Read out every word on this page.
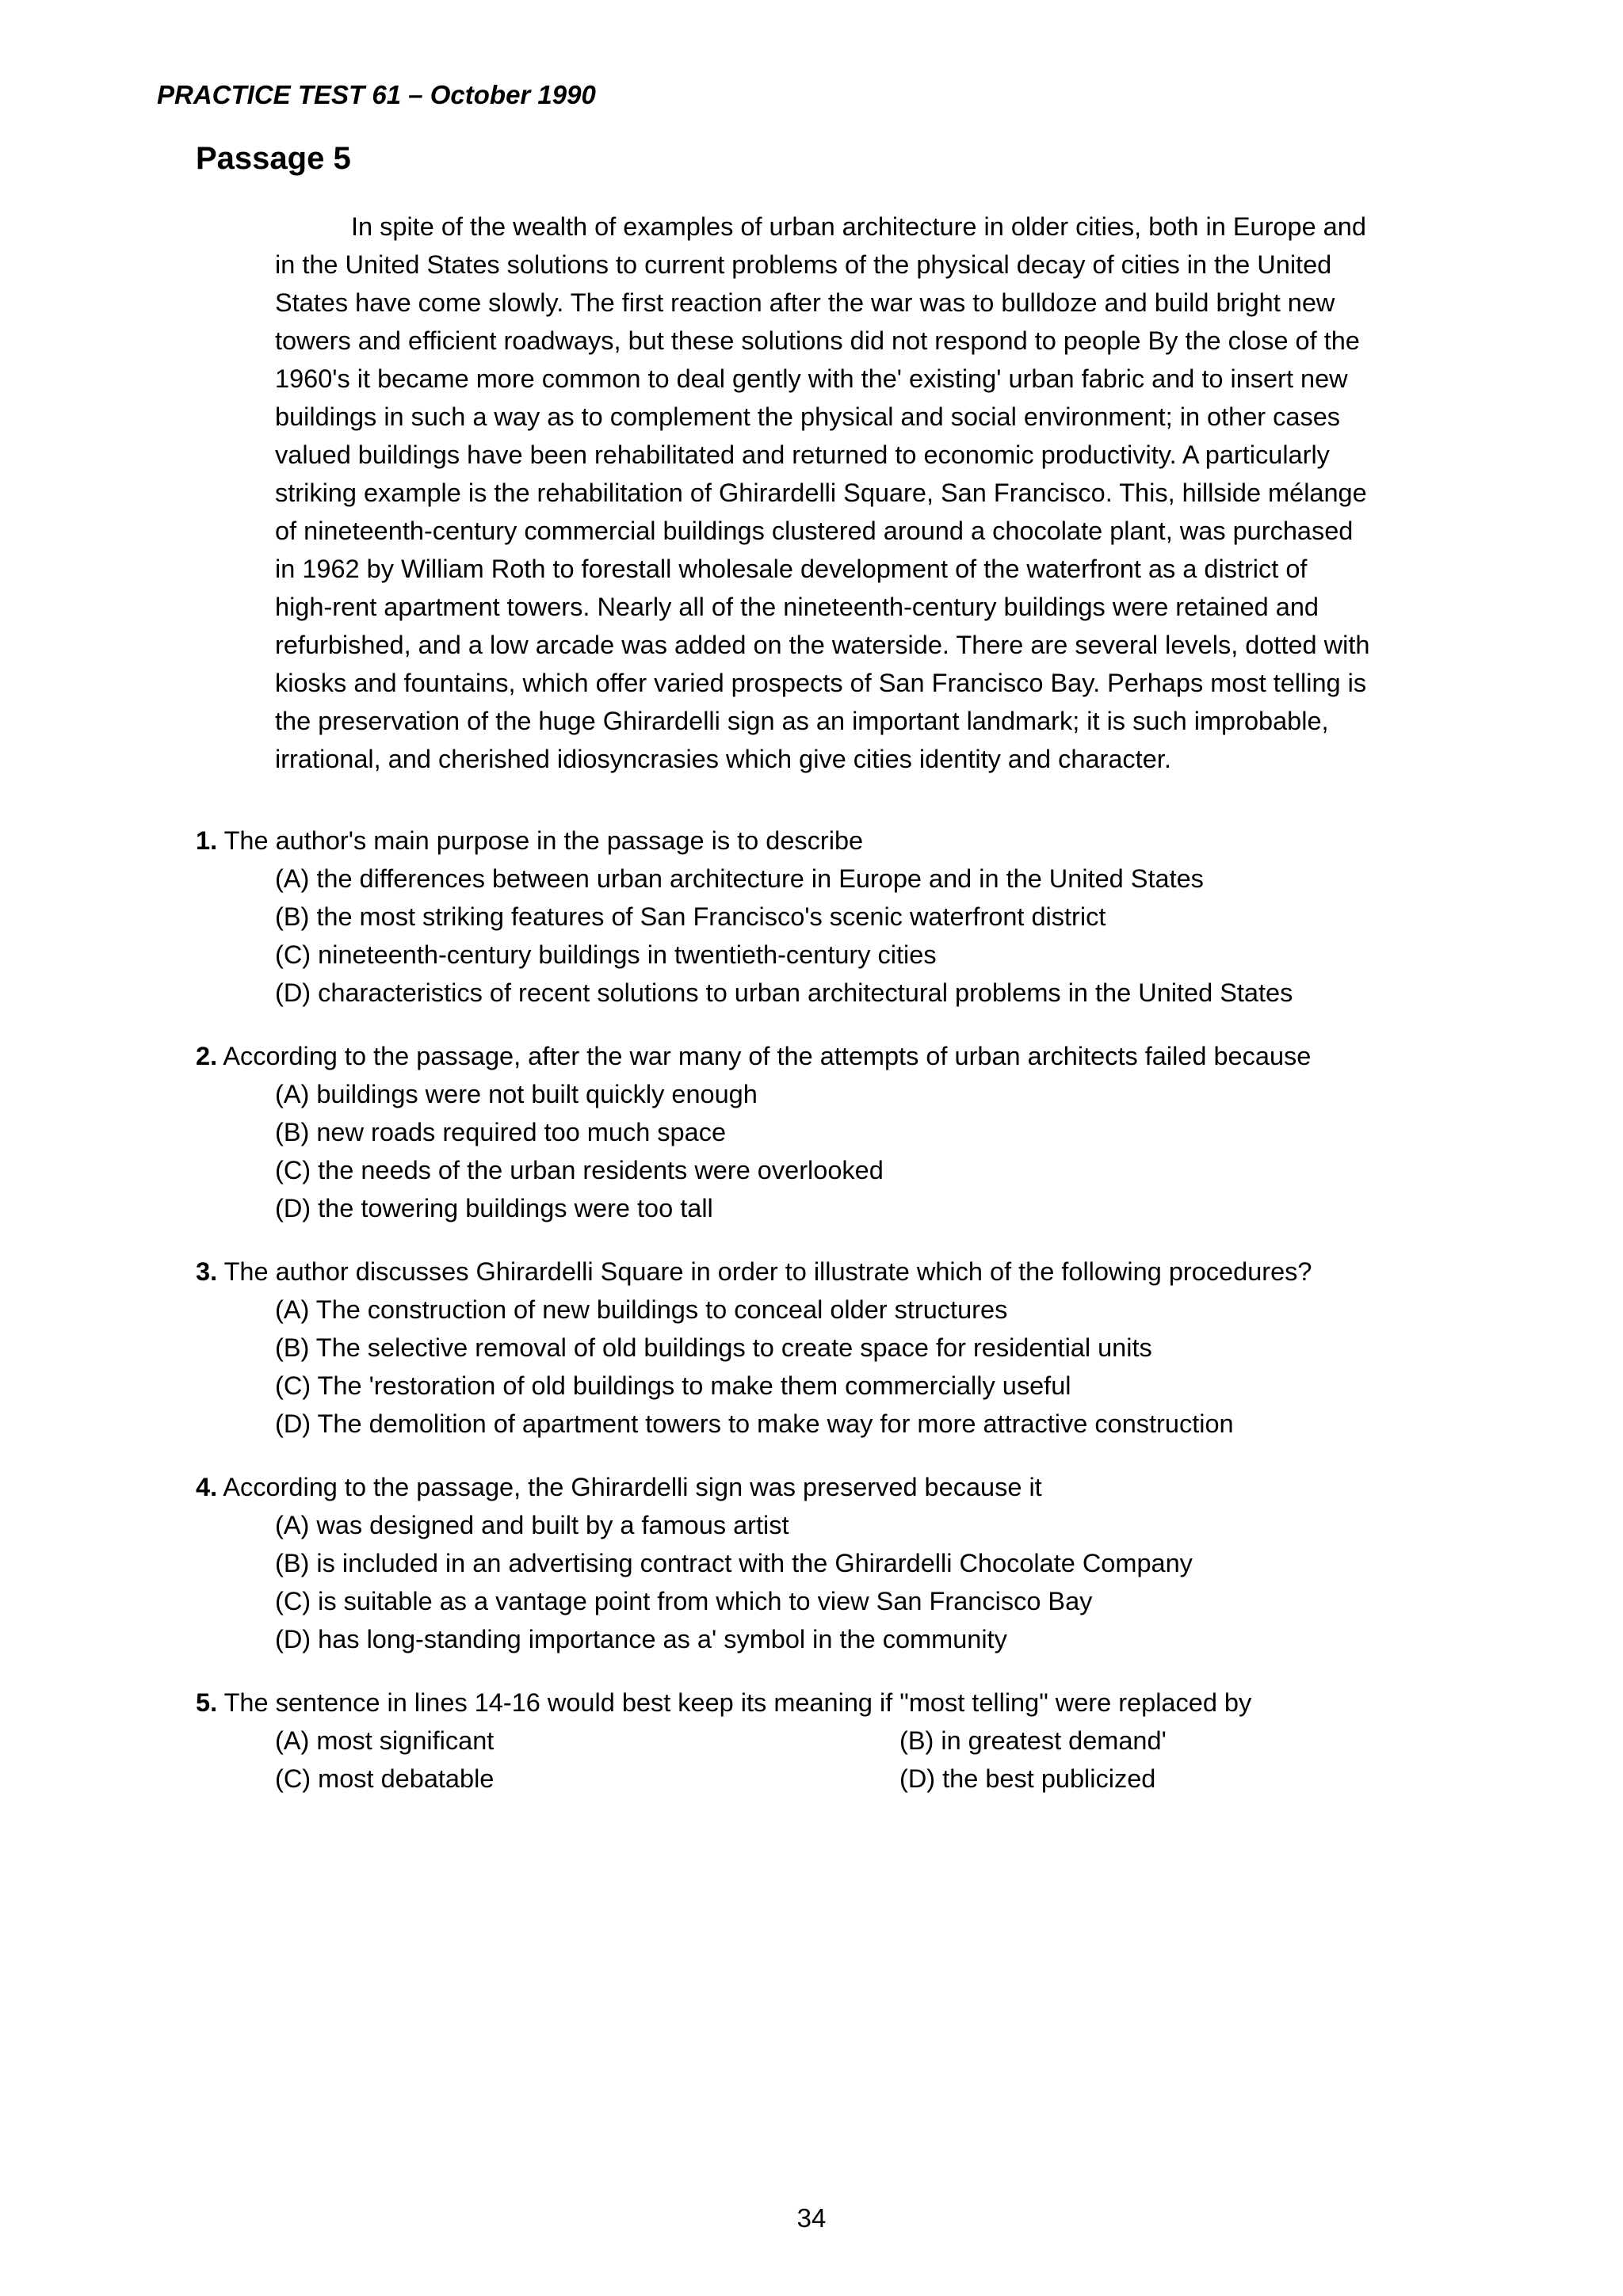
PRACTICE TEST 61 – October 1990
Passage 5
In spite of the wealth of examples of urban architecture in older cities, both in Europe and
in the United States solutions to current problems of the physical decay of cities in the United
States have come slowly. The first reaction after the war was to bulldoze and build bright new
towers and efficient roadways, but these solutions did not respond to people By the close of the
1960's it became more common to deal gently with the' existing' urban fabric and to insert new
buildings in such a way as to complement the physical and social environment; in other cases
valued buildings have been rehabilitated and returned to economic productivity. A particularly
striking example is the rehabilitation of Ghirardelli Square, San Francisco. This, hillside mélange
of nineteenth-century commercial buildings clustered around a chocolate plant, was purchased
in 1962 by William Roth to forestall wholesale development of the waterfront as a district of
high-rent apartment towers. Nearly all of the nineteenth-century buildings were retained and
refurbished, and a low arcade was added on the waterside. There are several levels, dotted with
kiosks and fountains, which offer varied prospects of San Francisco Bay. Perhaps most telling is
the preservation of the huge Ghirardelli sign as an important landmark; it is such improbable,
irrational, and cherished idiosyncrasies which give cities identity and character.
1. The author's main purpose in the passage is to describe
(A) the differences between urban architecture in Europe and in the United States
(B) the most striking features of San Francisco's scenic waterfront district
(C) nineteenth-century buildings in twentieth-century cities
(D) characteristics of recent solutions to urban architectural problems in the United States
2. According to the passage, after the war many of the attempts of urban architects failed because
(A) buildings were not built quickly enough
(B) new roads required too much space
(C) the needs of the urban residents were overlooked
(D) the towering buildings were too tall
3. The author discusses Ghirardelli Square in order to illustrate which of the following procedures?
(A) The construction of new buildings to conceal older structures
(B) The selective removal of old buildings to create space for residential units
(C) The 'restoration of old buildings to make them commercially useful
(D) The demolition of apartment towers to make way for more attractive construction
4. According to the passage, the Ghirardelli sign was preserved because it
(A) was designed and built by a famous artist
(B) is included in an advertising contract with the Ghirardelli Chocolate Company
(C) is suitable as a vantage point from which to view San Francisco Bay
(D) has long-standing importance as a' symbol in the community
5. The sentence in lines 14-16 would best keep its meaning if "most telling" were replaced by
(A) most significant	(B) in greatest demand'
(C) most debatable	(D) the best publicized
34
